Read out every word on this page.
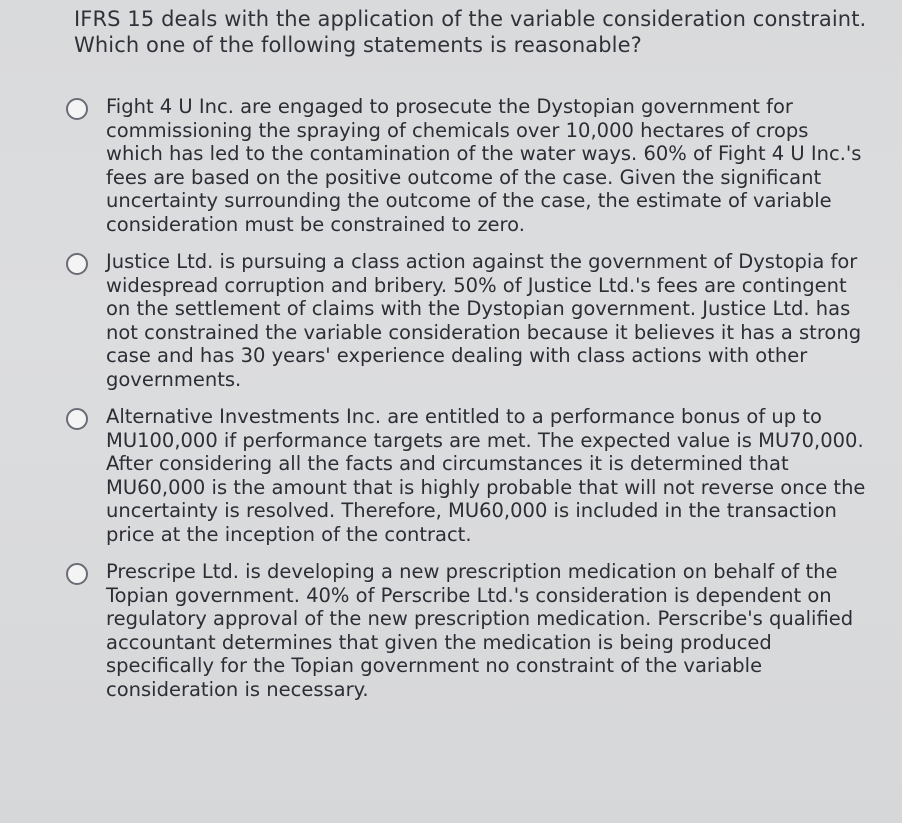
IFRS 15 deals with the application of the variable consideration constraint. Which one of the following statements is reasonable?
Fight 4 U Inc. are engaged to prosecute the Dystopian government for commissioning the spraying of chemicals over 10,000 hectares of crops which has led to the contamination of the water ways. 60% of Fight 4 U Inc.'s fees are based on the positive outcome of the case. Given the significant uncertainty surrounding the outcome of the case, the estimate of variable consideration must be constrained to zero.
Justice Ltd. is pursuing a class action against the government of Dystopia for widespread corruption and bribery. 50% of Justice Ltd.'s fees are contingent on the settlement of claims with the Dystopian government. Justice Ltd. has not constrained the variable consideration because it believes it has a strong case and has 30 years' experience dealing with class actions with other governments.
Alternative Investments Inc. are entitled to a performance bonus of up to MU100,000 if performance targets are met. The expected value is MU70,000. After considering all the facts and circumstances it is determined that MU60,000 is the amount that is highly probable that will not reverse once the uncertainty is resolved. Therefore, MU60,000 is included in the transaction price at the inception of the contract.
Prescripe Ltd. is developing a new prescription medication on behalf of the Topian government. 40% of Perscribe Ltd.'s consideration is dependent on regulatory approval of the new prescription medication. Perscribe's qualified accountant determines that given the medication is being produced specifically for the Topian government no constraint of the variable consideration is necessary.
